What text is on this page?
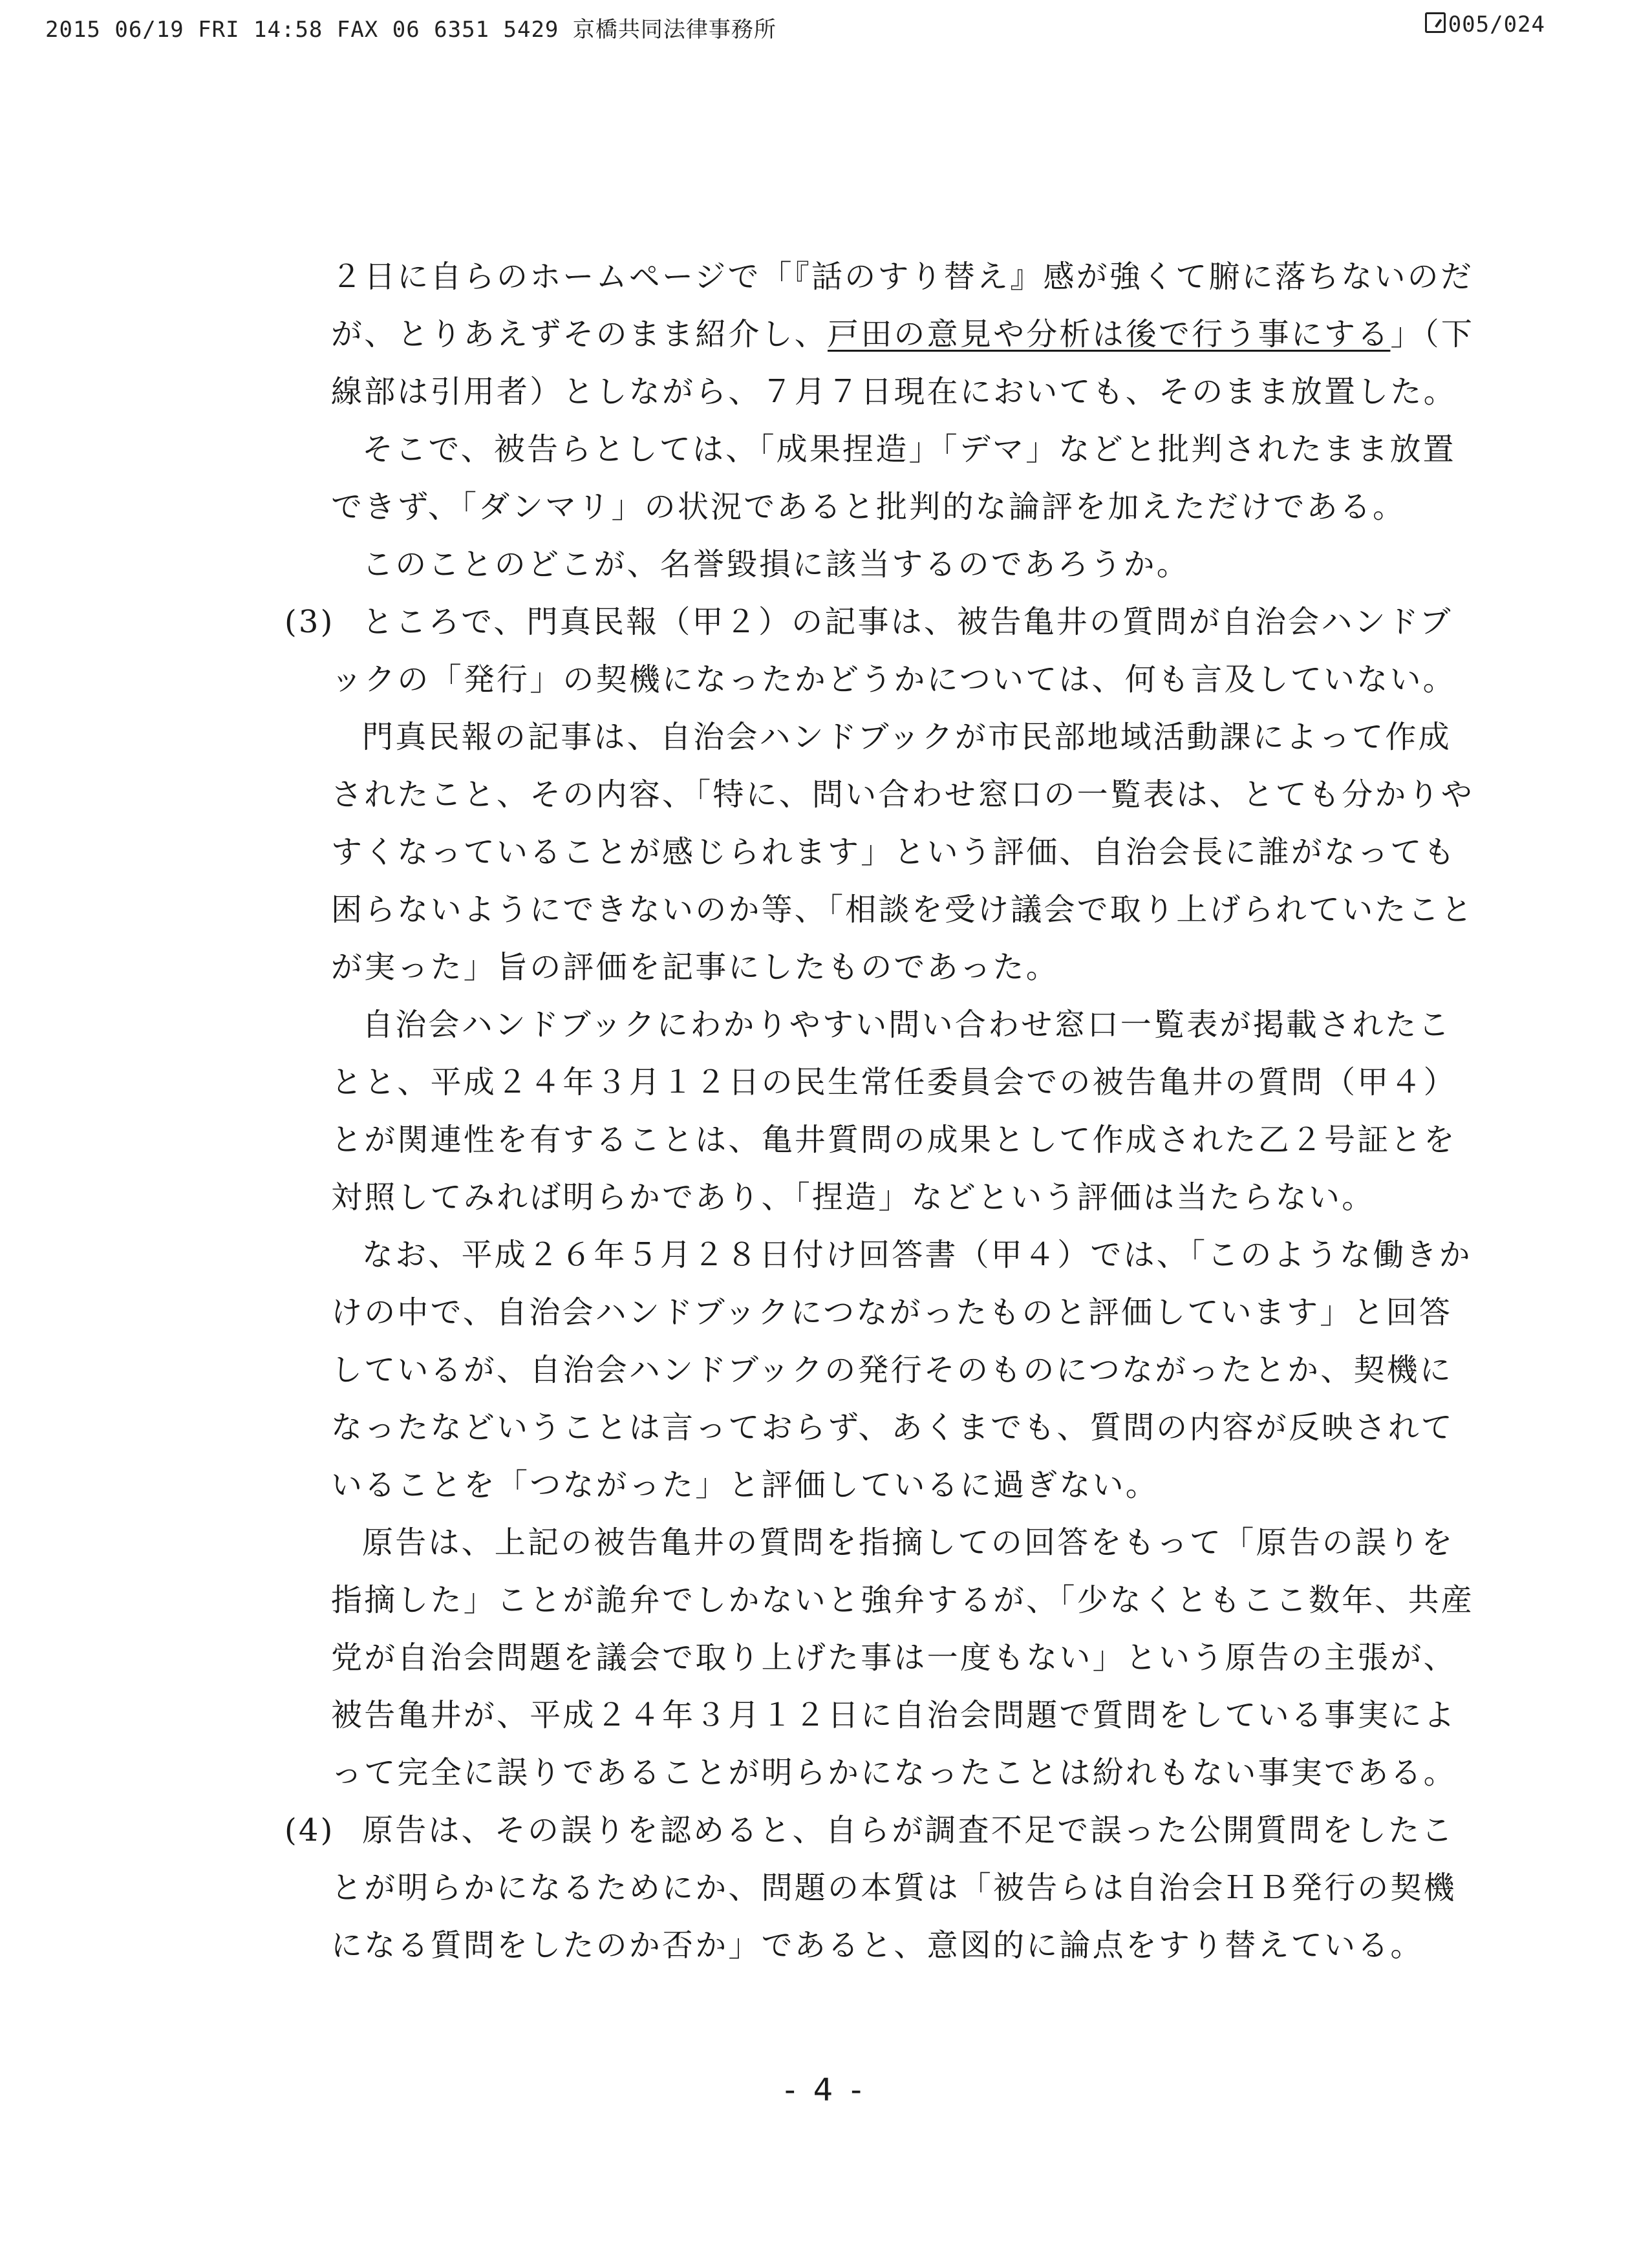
2015 06/19 FRI 14:58 FAX 06 6351 5429 京橋共同法律事務所	005/024
２日に自らのホームページで「『話のすり替え』感が強くて腑に落ちないのだ
が、とりあえずそのまま紹介し、戸田の意見や分析は後で行う事にする」（下
線部は引用者）としながら、７月７日現在においても、そのまま放置した。
そこで、被告らとしては、「成果捏造」「デマ」などと批判されたまま放置
できず、「ダンマリ」の状況であると批判的な論評を加えただけである。
このことのどこが、名誉毀損に該当するのであろうか。
(3) ところで、門真民報（甲２）の記事は、被告亀井の質問が自治会ハンドブ
ックの「発行」の契機になったかどうかについては、何も言及していない。
門真民報の記事は、自治会ハンドブックが市民部地域活動課によって作成
されたこと、その内容、「特に、問い合わせ窓口の一覧表は、とても分かりや
すくなっていることが感じられます」という評価、自治会長に誰がなっても
困らないようにできないのか等、「相談を受け議会で取り上げられていたこと
が実った」旨の評価を記事にしたものであった。
自治会ハンドブックにわかりやすい問い合わせ窓口一覧表が掲載されたこ
とと、平成２４年３月１２日の民生常任委員会での被告亀井の質問（甲４）
とが関連性を有することは、亀井質問の成果として作成された乙２号証とを
対照してみれば明らかであり、「捏造」などという評価は当たらない。
なお、平成２６年５月２８日付け回答書（甲４）では、「このような働きか
けの中で、自治会ハンドブックにつながったものと評価しています」と回答
しているが、自治会ハンドブックの発行そのものにつながったとか、契機に
なったなどいうことは言っておらず、あくまでも、質問の内容が反映されて
いることを「つながった」と評価しているに過ぎない。
原告は、上記の被告亀井の質問を指摘しての回答をもって「原告の誤りを
指摘した」ことが詭弁でしかないと強弁するが、「少なくともここ数年、共産
党が自治会問題を議会で取り上げた事は一度もない」という原告の主張が、
被告亀井が、平成２４年３月１２日に自治会問題で質問をしている事実によ
って完全に誤りであることが明らかになったことは紛れもない事実である。
(4) 原告は、その誤りを認めると、自らが調査不足で誤った公開質問をしたこ
とが明らかになるためにか、問題の本質は「被告らは自治会ＨＢ発行の契機
になる質問をしたのか否か」であると、意図的に論点をすり替えている。
- 4 -
